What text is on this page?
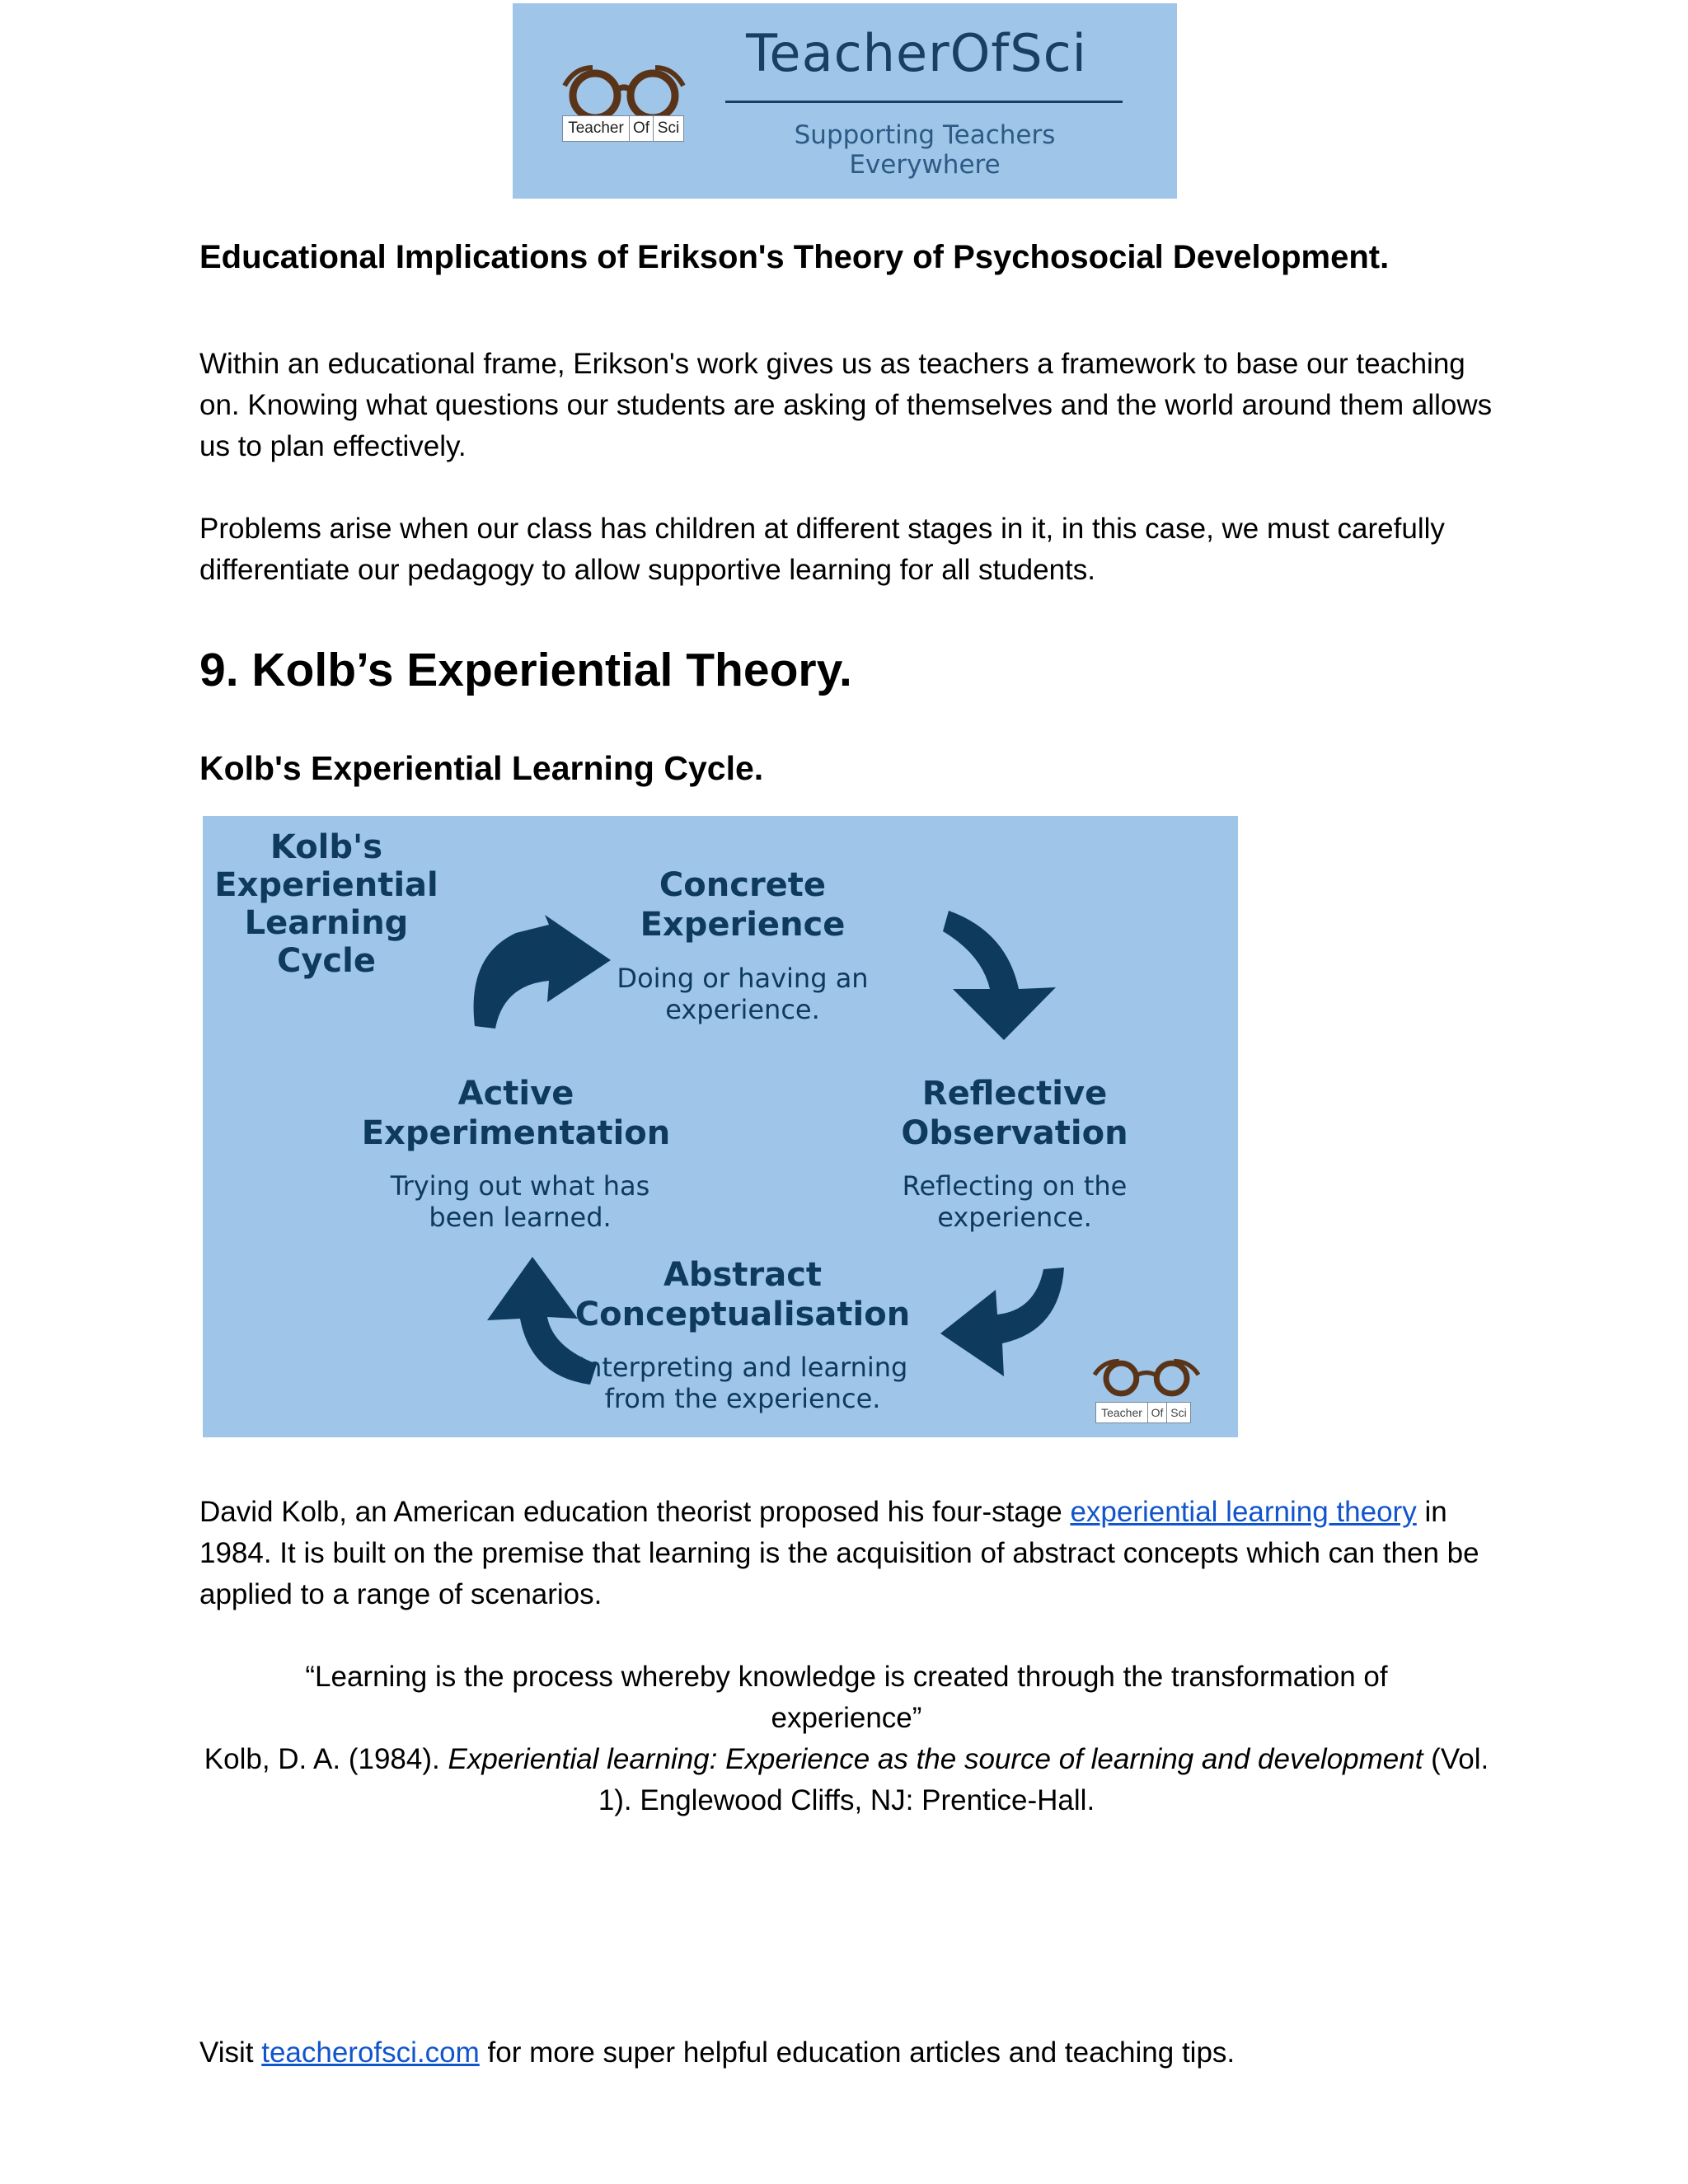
Teacher Of Sci
TeacherOfSci
Supporting Teachers Everywhere
Educational Implications of Erikson's Theory of Psychosocial Development.
Within an educational frame, Erikson's work gives us as teachers a framework to base our teaching on. Knowing what questions our students are asking of themselves and the world around them allows us to plan effectively.
Problems arise when our class has children at different stages in it, in this case, we must carefully differentiate our pedagogy to allow supportive learning for all students.
9. Kolb’s Experiential Theory.
Kolb's Experiential Learning Cycle.
Kolb's
Experiential
Learning
Cycle
Concrete Experience
Doing or having an experience.
Reflective Observation
Reflecting on the experience.
Abstract Conceptualisation
Interpreting and learning from the experience.
Active Experimentation
Trying out what has been learned.
Teacher Of Sci
David Kolb, an American education theorist proposed his four-stage experiential learning theory in 1984. It is built on the premise that learning is the acquisition of abstract concepts which can then be applied to a range of scenarios.
“Learning is the process whereby knowledge is created through the transformation of experience”
Kolb, D. A. (1984). Experiential learning: Experience as the source of learning and development (Vol. 1). Englewood Cliffs, NJ: Prentice-Hall.
Visit teacherofsci.com for more super helpful education articles and teaching tips.
